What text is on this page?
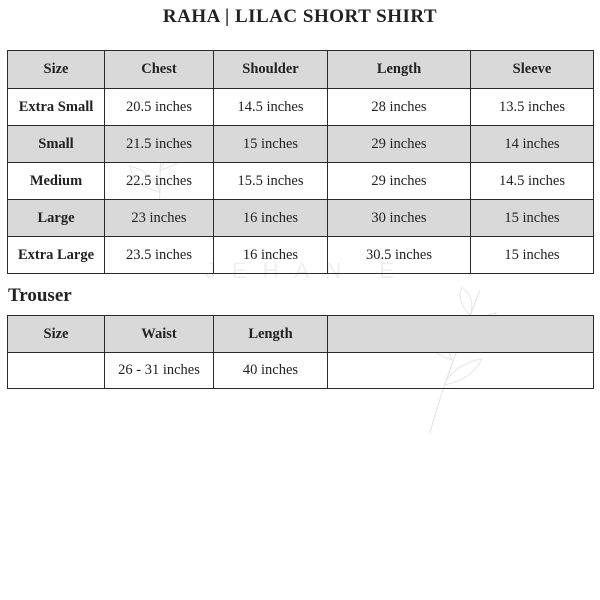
RAHA | LILAC SHORT SHIRT
JEHAN E
Size	Chest	Shoulder	Length	Sleeve
Extra Small	20.5 inches	14.5 inches	28 inches	13.5 inches
Small	21.5 inches	15 inches	29 inches	14 inches
Medium	22.5 inches	15.5 inches	29 inches	14.5 inches
Large	23 inches	16 inches	30 inches	15 inches
Extra Large	23.5 inches	16 inches	30.5 inches	15 inches
Trouser
Size	Waist	Length	
	26 - 31 inches	40 inches	
